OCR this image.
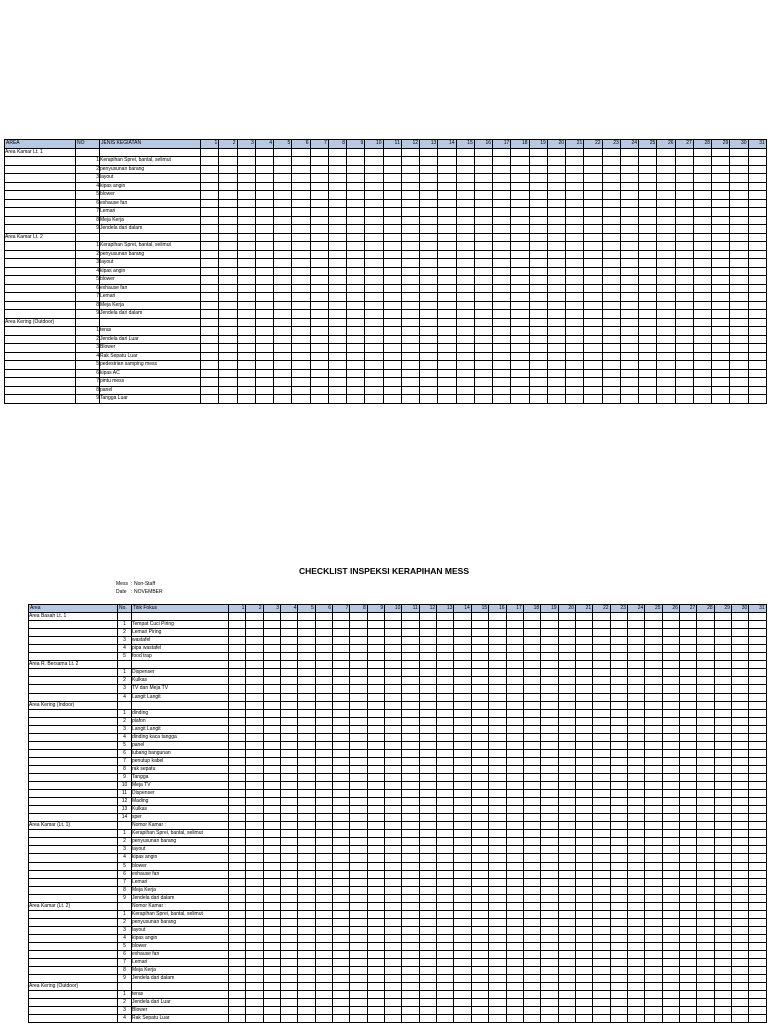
AREA	NO	JENIS KEGIATAN	1	2	3	4	5	6	7	8	9	10	11	12	13	14	15	16	17	18	19	20	21	22	23	24	25	26	27	28	29	30	31
Area Kamar Lt. 1																																	
	1	Kerapihan Sprei, bantal, selimut																															
	2	penyusunan barang																															
	3	layout																															
	4	kipas angin																															
	5	blower																															
	6	exhause fan																															
	7	Lemari																															
	8	Meja Kerja																															
	9	Jendela dari dalam																															
Area Kamar Lt. 2																																	
	1	Kerapihan Sprei, bantal, selimut																															
	2	penyusunan barang																															
	3	layout																															
	4	kipas angin																															
	5	blower																															
	6	exhause fan																															
	7	Lemari																															
	8	Meja Kerja																															
	9	Jendela dari dalam																															
Area Kering (Outdoor)																																	
	1	teras																															
	2	Jendela dari Luar																															
	3	Blower																															
	4	Rak Sepatu Luar																															
	5	pedestrian samping mess																															
	6	kipas AC																															
	7	pintu mess																															
	8	panel																															
	9	Tangga Luar																															
CHECKLIST INSPEKSI KERAPIHAN MESS
Mess : Non-Staff
Date : NOVEMBER
Area	No.	Titik Fokus	1	2	3	4	5	6	7	8	9	10	11	12	13	14	15	16	17	18	19	20	21	22	23	24	25	26	27	28	29	30	31
Area Basah Lt. 1																																	
	1	Tempat Cuci Piring																															
	2	Lemari Piring																															
	3	wastafel																															
	4	pipa wastafel																															
	5	food trap																															
Area R. Bersama Lt. 2																																	
	1	Dispenser																															
	2	Kulkas																															
	3	TV dan Meja TV																															
	4	Langit Langit																															
Area Kering (Indoor)																																	
	1	dinding																															
	2	plafon																															
	3	Langit Langit																															
	4	dinding kaca tangga																															
	5	panel																															
	6	lubang bangunan																															
	7	penutup kabel																															
	8	rak sepatu																															
	9	Tangga																															
	10	Meja TV																															
	11	Dispenser																															
	12	Mading																															
	13	Kulkas																															
	14	sper																															
Area Kamar (Lt. 1)		Nomor Kamar :																															
	1	Kerapihan Sprei, bantal, selimut																															
	2	penyusunan barang																															
	3	layout																															
	4	kipas angin																															
	5	blower																															
	6	exhause fan																															
	7	Lemari																															
	8	Meja Kerja																															
	9	Jendela dari dalam																															
Area Kamar (Lt. 2)		Nomor Kamar :																															
	1	Kerapihan Sprei, bantal, selimut																															
	2	penyusunan barang																															
	3	layout																															
	4	kipas angin																															
	5	blower																															
	6	exhause fan																															
	7	Lemari																															
	8	Meja Kerja																															
	9	Jendela dari dalam																															
Area Kering (Outdoor)																																	
	1	teras																															
	2	Jendela dari Luar																															
	3	Blower																															
	4	Rak Sepatu Luar																															
